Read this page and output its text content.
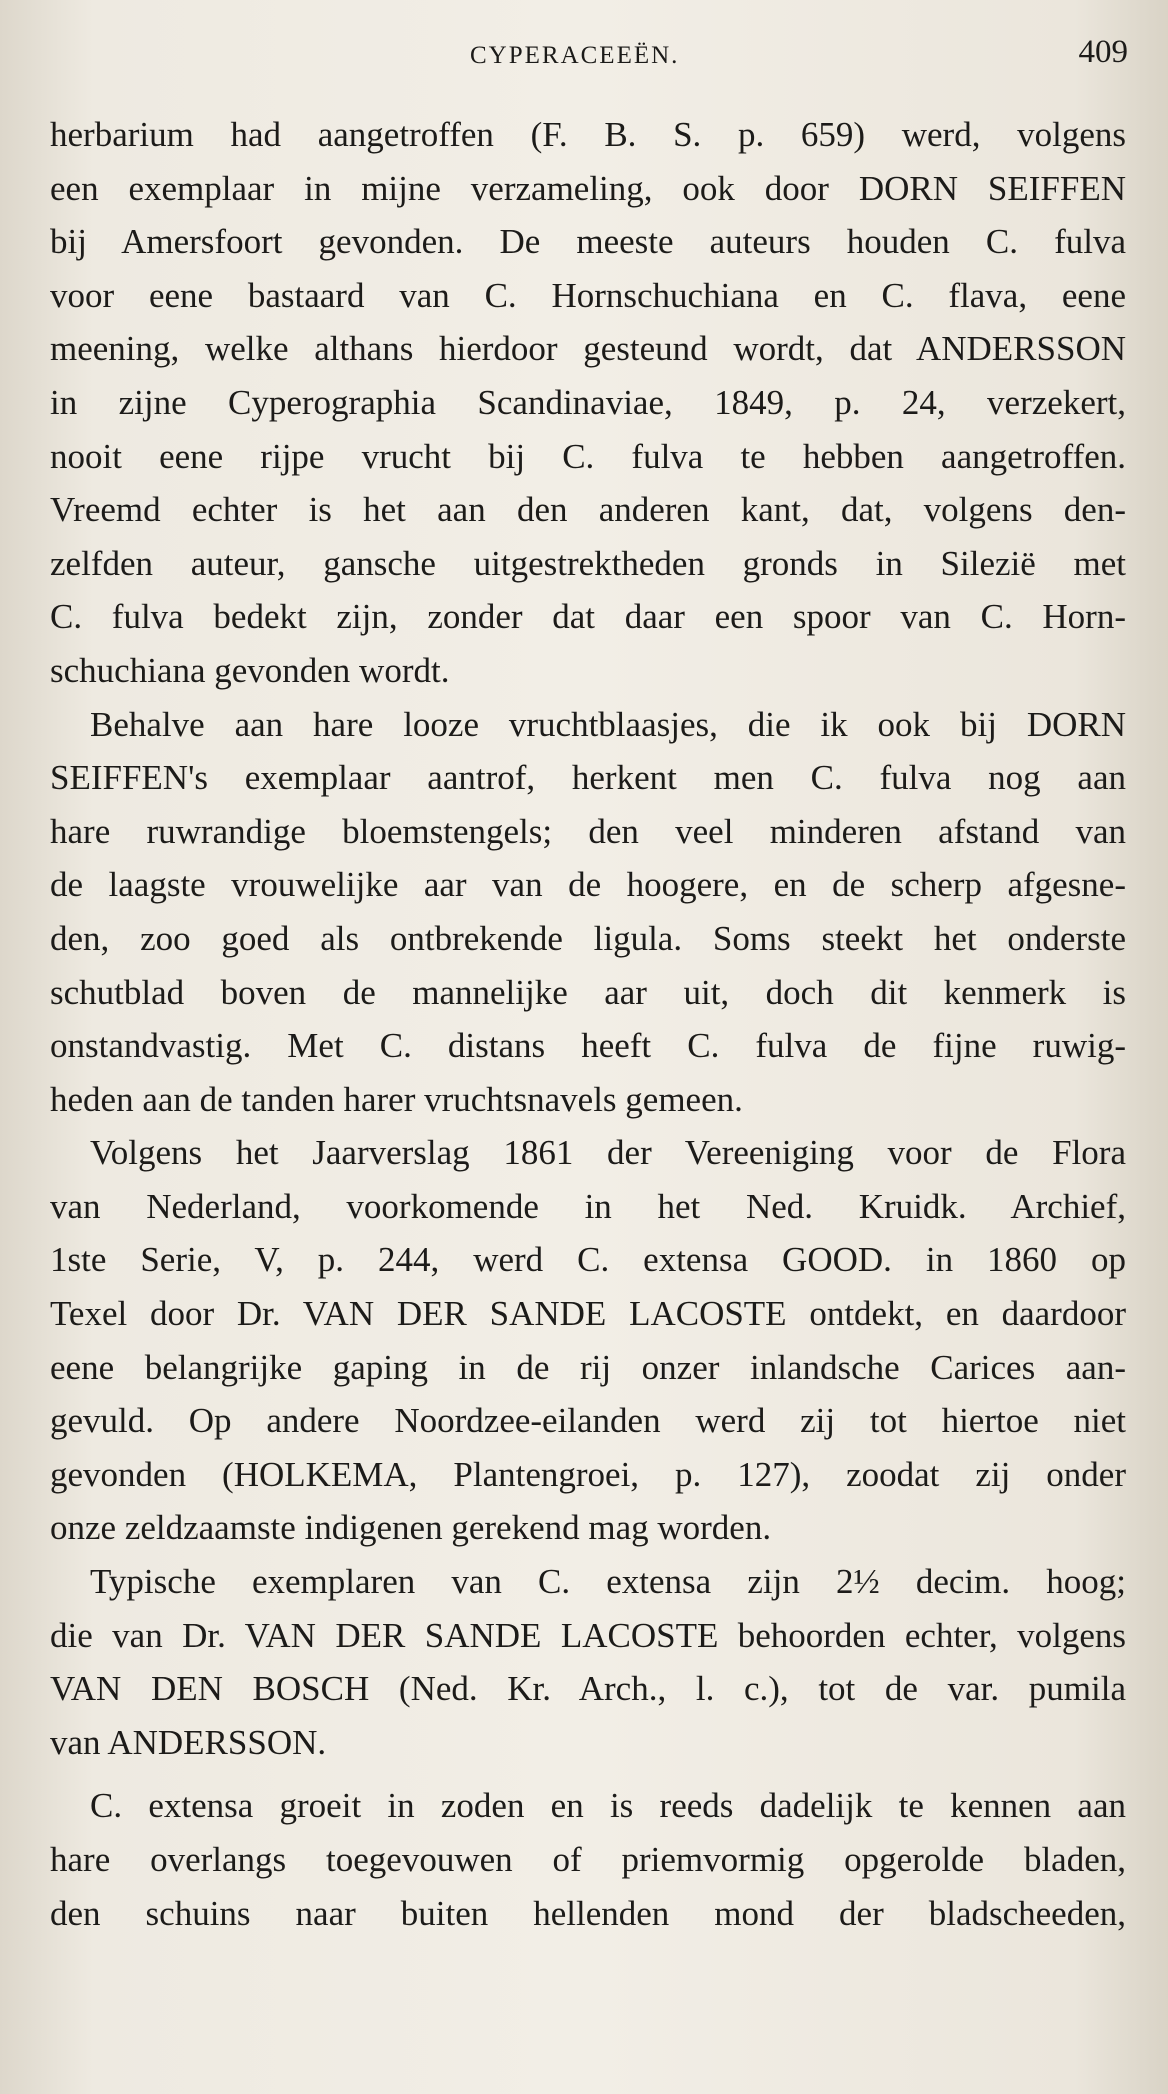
CYPERACEEËN.	409
herbarium had aangetroffen (F. B. S. p. 659) werd, volgens
een exemplaar in mijne verzameling, ook door DORN SEIFFEN
bij Amersfoort gevonden. De meeste auteurs houden C. fulva
voor eene bastaard van C. Hornschuchiana en C. flava, eene
meening, welke althans hierdoor gesteund wordt, dat ANDERSSON
in zijne Cyperographia Scandinaviae, 1849, p. 24, verzekert,
nooit eene rijpe vrucht bij C. fulva te hebben aangetroffen.
Vreemd echter is het aan den anderen kant, dat, volgens den-
zelfden auteur, gansche uitgestrektheden gronds in Silezië met
C. fulva bedekt zijn, zonder dat daar een spoor van C. Horn-
schuchiana gevonden wordt.
Behalve aan hare looze vruchtblaasjes, die ik ook bij DORN
SEIFFEN's exemplaar aantrof, herkent men C. fulva nog aan
hare ruwrandige bloemstengels; den veel minderen afstand van
de laagste vrouwelijke aar van de hoogere, en de scherp afgesne-
den, zoo goed als ontbrekende ligula. Soms steekt het onderste
schutblad boven de mannelijke aar uit, doch dit kenmerk is
onstandvastig. Met C. distans heeft C. fulva de fijne ruwig-
heden aan de tanden harer vruchtsnavels gemeen.
Volgens het Jaarverslag 1861 der Vereeniging voor de Flora
van Nederland, voorkomende in het Ned. Kruidk. Archief,
1ste Serie, V, p. 244, werd C. extensa GOOD. in 1860 op
Texel door Dr. VAN DER SANDE LACOSTE ontdekt, en daardoor
eene belangrijke gaping in de rij onzer inlandsche Carices aan-
gevuld. Op andere Noordzee-eilanden werd zij tot hiertoe niet
gevonden (HOLKEMA, Plantengroei, p. 127), zoodat zij onder
onze zeldzaamste indigenen gerekend mag worden.
Typische exemplaren van C. extensa zijn 2½ decim. hoog;
die van Dr. VAN DER SANDE LACOSTE behoorden echter, volgens
VAN DEN BOSCH (Ned. Kr. Arch., l. c.), tot de var. pumila
van ANDERSSON.
C. extensa groeit in zoden en is reeds dadelijk te kennen aan
hare overlangs toegevouwen of priemvormig opgerolde bladen,
den schuins naar buiten hellenden mond der bladscheeden,
